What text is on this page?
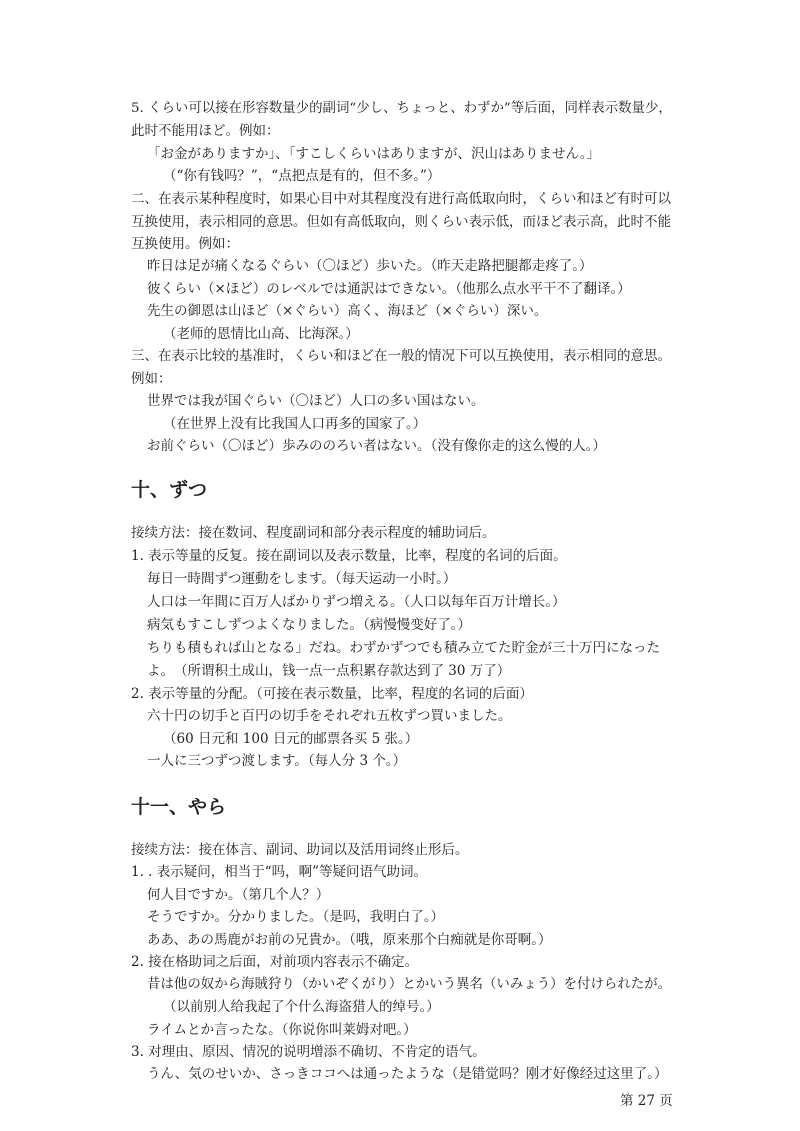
5. くらい可以接在形容数量少的副词“少し、ちょっと、わずか”等后面，同样表示数量少，
此时不能用ほど。例如：
「お金がありますか」、「すこしくらいはありますが、沢山はありません。」
（“你有钱吗？”，“点把点是有的，但不多。”）
二、在表示某种程度时，如果心目中对其程度没有进行高低取向时，くらい和ほど有时可以
互换使用，表示相同的意思。但如有高低取向，则くらい表示低，而ほど表示高，此时不能
互换使用。例如：
昨日は足が痛くなるぐらい（〇ほど）歩いた。（昨天走路把腿都走疼了。）
彼くらい（×ほど）のレベルでは通訳はできない。（他那么点水平干不了翻译。）
先生の御恩は山ほど（×ぐらい）高く、海ほど（×ぐらい）深い。
（老师的恩情比山高、比海深。）
三、在表示比较的基准时，くらい和ほど在一般的情况下可以互换使用，表示相同的意思。
例如：
世界では我が国ぐらい（〇ほど）人口の多い国はない。
（在世界上没有比我国人口再多的国家了。）
お前ぐらい（〇ほど）歩みののろい者はない。（没有像你走的这么慢的人。）
十、ずつ
接续方法：接在数词、程度副词和部分表示程度的辅助词后。
1. 表示等量的反复。接在副词以及表示数量，比率，程度的名词的后面。
毎日一時間ずつ運動をします。（每天运动一小时。）
人口は一年間に百万人ばかりずつ増える。（人口以每年百万计增长。）
病気もすこしずつよくなりました。（病慢慢变好了。）
ちりも積もれば山となる」だね。わずかずつでも積み立てた貯金が三十万円になった
よ。　（所谓积土成山，钱一点一点积累存款达到了 30 万了）
2. 表示等量的分配。（可接在表示数量，比率，程度的名词的后面）
六十円の切手と百円の切手をそれぞれ五枚ずつ買いました。
（60 日元和 100 日元的邮票各买 5 张。）
一人に三つずつ渡します。（每人分 3 个。）
十一、やら
接续方法：接在体言、副词、助词以及活用词终止形后。
1. . 表示疑问，相当于“吗，啊”等疑问语气助词。
何人目ですか。（第几个人？）
そうですか。分かりました。（是吗，我明白了。）
ああ、あの馬鹿がお前の兄貴か。（哦，原来那个白痴就是你哥啊。）
2. 接在格助词之后面，对前项内容表示不确定。
昔は他の奴から海賊狩り（かいぞくがり）とかいう異名（いみょう）を付けられたが。
（以前别人给我起了个什么海盗猎人的绰号。）
ライムとか言ったな。（你说你叫莱姆对吧。）
3. 对理由、原因、情况的说明增添不确切、不肯定的语气。
うん、気のせいか、さっきココへは通ったような（是错觉吗？刚才好像经过这里了。）
第 27 页
